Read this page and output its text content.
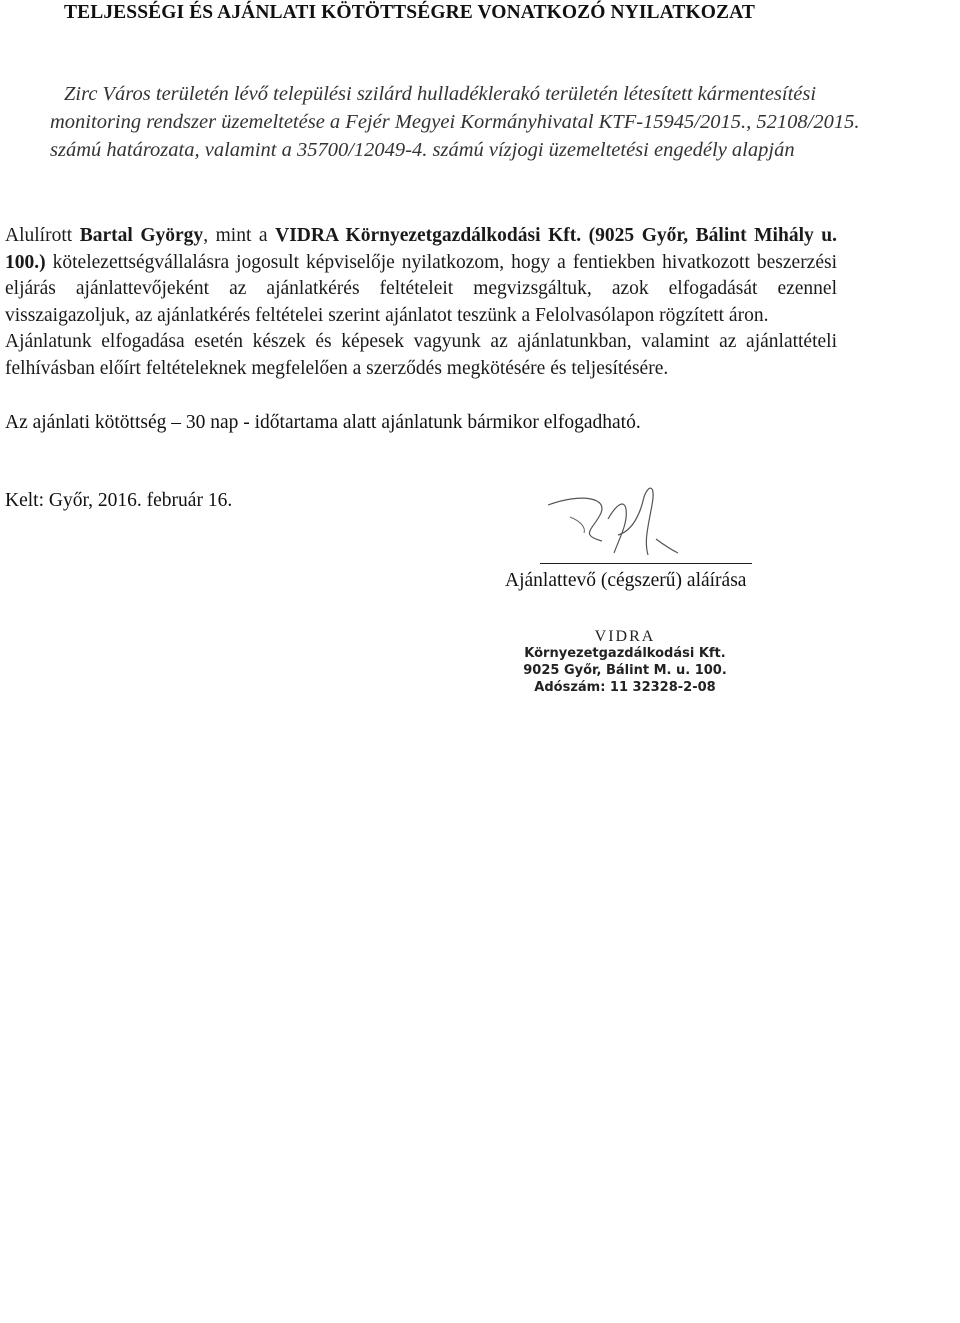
TELJESSÉGI ÉS AJÁNLATI KÖTÖTTSÉGRE VONATKOZÓ NYILATKOZAT
Zirc Város területén lévő települési szilárd hulladéklerakó területén létesített kármentesítési
monitoring rendszer üzemeltetése a Fejér Megyei Kormányhivatal KTF-15945/2015., 52108/2015.
számú határozata, valamint a 35700/12049-4. számú vízjogi üzemeltetési engedély alapján

Alulírott Bartal György, mint a VIDRA Környezetgazdálkodási Kft. (9025 Győr, Bálint Mihály u. 100.) kötelezettségvállalásra jogosult képviselője nyilatkozom, hogy a fentiekben hivatkozott beszerzési eljárás ajánlattevőjeként az ajánlatkérés feltételeit megvizsgáltuk, azok elfogadását ezennel visszaigazoljuk, az ajánlatkérés feltételei szerint ajánlatot teszünk a Felolvasólapon rögzített áron.

Ajánlatunk elfogadása esetén készek és képesek vagyunk az ajánlatunkban, valamint az ajánlattételi felhívásban előírt feltételeknek megfelelően a szerződés megkötésére és teljesítésére.

Az ajánlati kötöttség – 30 nap - időtartama alatt ajánlatunk bármikor elfogadható.
Kelt: Győr, 2016. február 16.
Ajánlattevő (cégszerű) aláírása
VIDRA
Környezetgazdálkodási Kft.
9025 Győr, Bálint M. u. 100.
Adószám: 11 32328-2-08
